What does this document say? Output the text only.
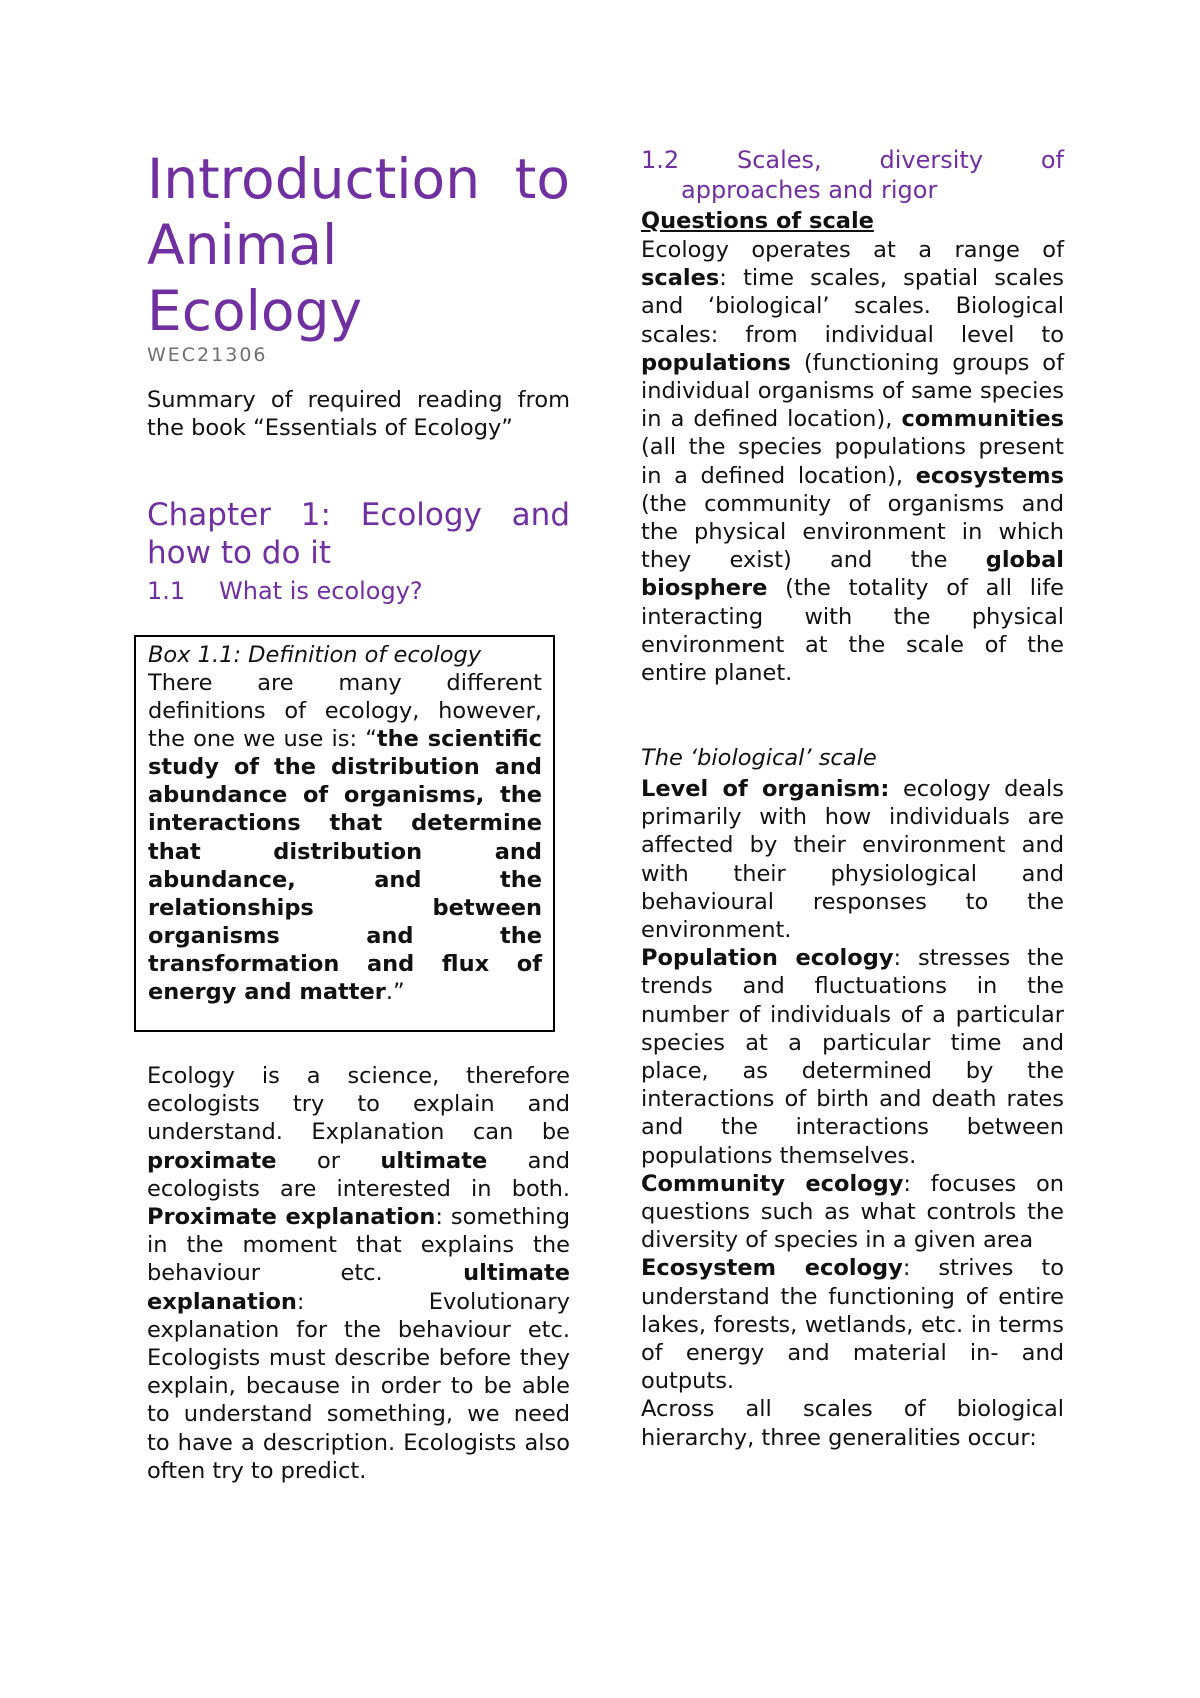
Introduction to
Animal
Ecology
WEC21306

Summary of required reading from the book “Essentials of Ecology”

Chapter 1: Ecology and
how to do it
1.1 What is ecology?

Box 1.1: Definition of ecology

There are many different definitions of ecology, however, the one we use is: “the scientific study of the distribution and abundance of organisms, the interactions that determine that distribution and abundance, and the relationships between organisms and the transformation and flux of energy and matter.”

Ecology is a science, therefore ecologists try to explain and understand. Explanation can be proximate or ultimate and ecologists are interested in both. Proximate explanation: something in the moment that explains the behaviour etc. ultimate explanation: Evolutionary explanation for the behaviour etc. Ecologists must describe before they explain, because in order to be able to understand something, we need to have a description. Ecologists also often try to predict.

1.2 Scales, diversity of
approaches and rigor

Questions of scale

Ecology operates at a range of scales: time scales, spatial scales and ‘biological’ scales. Biological scales: from individual level to populations (functioning groups of individual organisms of same species in a defined location), communities (all the species populations present in a defined location), ecosystems (the community of organisms and the physical environment in which they exist) and the global biosphere (the totality of all life interacting with the physical environment at the scale of the entire planet.

The ‘biological’ scale

Level of organism: ecology deals primarily with how individuals are affected by their environment and with their physiological and behavioural responses to the environment.

Population ecology: stresses the trends and fluctuations in the number of individuals of a particular species at a particular time and place, as determined by the interactions of birth and death rates and the interactions between populations themselves.

Community ecology: focuses on questions such as what controls the diversity of species in a given area

Ecosystem ecology: strives to understand the functioning of entire lakes, forests, wetlands, etc. in terms of energy and material in- and outputs.

Across all scales of biological hierarchy, three generalities occur:
